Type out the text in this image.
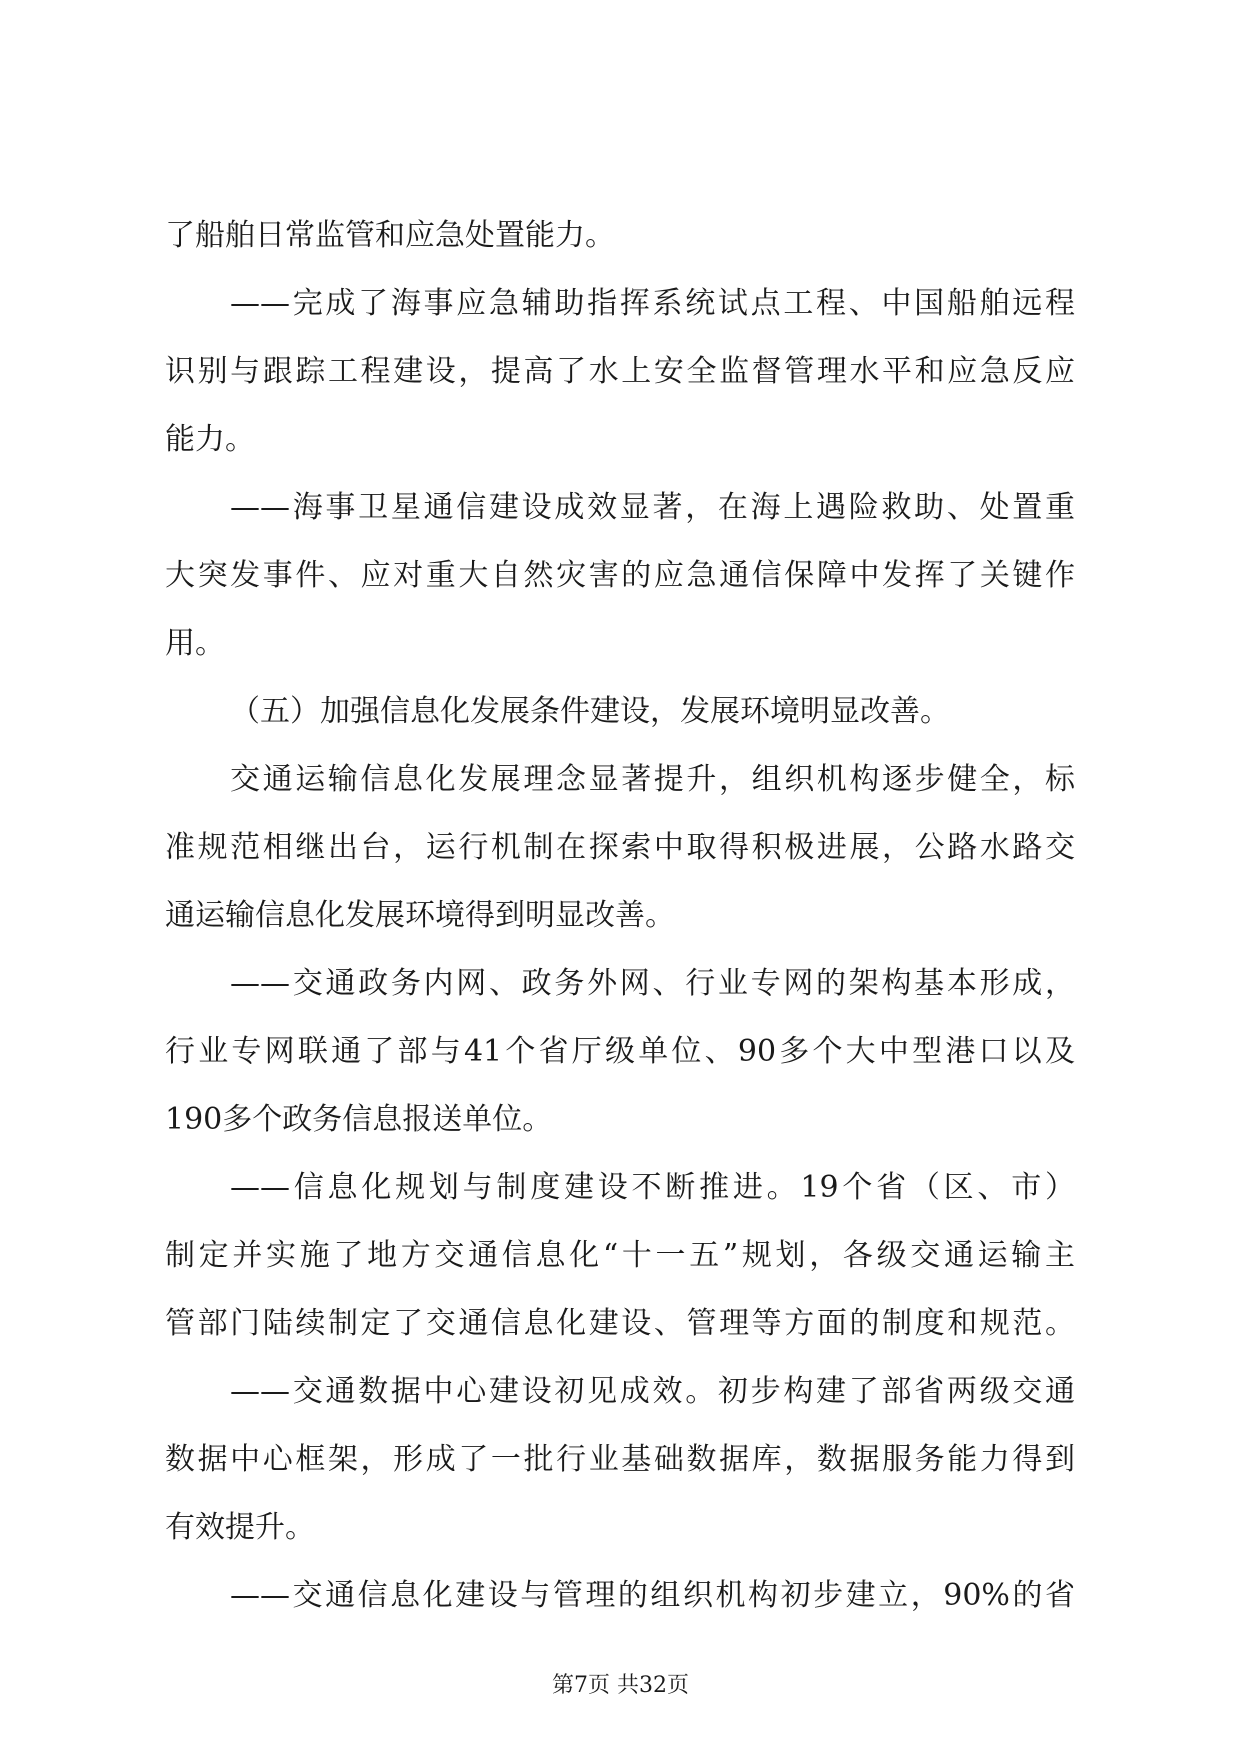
了船舶日常监管和应急处置能力。
——完成了海事应急辅助指挥系统试点工程、中国船舶远程
识别与跟踪工程建设，提高了水上安全监督管理水平和应急反应
能力。
——海事卫星通信建设成效显著，在海上遇险救助、处置重
大突发事件、应对重大自然灾害的应急通信保障中发挥了关键作
用。
（五）加强信息化发展条件建设，发展环境明显改善。
交通运输信息化发展理念显著提升，组织机构逐步健全，标
准规范相继出台，运行机制在探索中取得积极进展，公路水路交
通运输信息化发展环境得到明显改善。
——交通政务内网、政务外网、行业专网的架构基本形成，
行业专网联通了部与41个省厅级单位、90多个大中型港口以及
190多个政务信息报送单位。
——信息化规划与制度建设不断推进。19个省（区、市）
制定并实施了地方交通信息化“十一五”规划，各级交通运输主
管部门陆续制定了交通信息化建设、管理等方面的制度和规范。
——交通数据中心建设初见成效。初步构建了部省两级交通
数据中心框架，形成了一批行业基础数据库，数据服务能力得到
有效提升。
——交通信息化建设与管理的组织机构初步建立，90%的省
第7页 共32页
